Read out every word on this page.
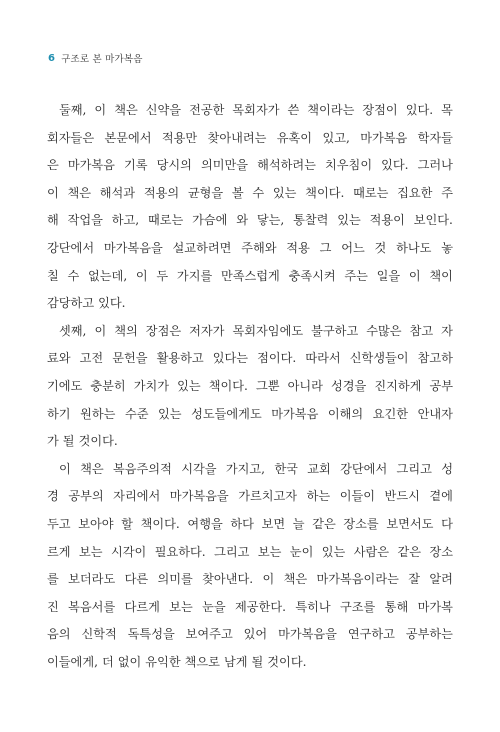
6 구조로 본 마가복음
둘째, 이 책은 신약을 전공한 목회자가 쓴 책이라는 장점이 있다. 목
회자들은 본문에서 적용만 찾아내려는 유혹이 있고, 마가복음 학자들
은 마가복음 기록 당시의 의미만을 해석하려는 치우침이 있다. 그러나
이 책은 해석과 적용의 균형을 볼 수 있는 책이다. 때로는 집요한 주
해 작업을 하고, 때로는 가슴에 와 닿는, 통찰력 있는 적용이 보인다.
강단에서 마가복음을 설교하려면 주해와 적용 그 어느 것 하나도 놓
칠 수 없는데, 이 두 가지를 만족스럽게 충족시켜 주는 일을 이 책이
감당하고 있다.
셋째, 이 책의 장점은 저자가 목회자임에도 불구하고 수많은 참고 자
료와 고전 문헌을 활용하고 있다는 점이다. 따라서 신학생들이 참고하
기에도 충분히 가치가 있는 책이다. 그뿐 아니라 성경을 진지하게 공부
하기 원하는 수준 있는 성도들에게도 마가복음 이해의 요긴한 안내자
가 될 것이다.
이 책은 복음주의적 시각을 가지고, 한국 교회 강단에서 그리고 성
경 공부의 자리에서 마가복음을 가르치고자 하는 이들이 반드시 곁에
두고 보아야 할 책이다. 여행을 하다 보면 늘 같은 장소를 보면서도 다
르게 보는 시각이 필요하다. 그리고 보는 눈이 있는 사람은 같은 장소
를 보더라도 다른 의미를 찾아낸다. 이 책은 마가복음이라는 잘 알려
진 복음서를 다르게 보는 눈을 제공한다. 특히나 구조를 통해 마가복
음의 신학적 독특성을 보여주고 있어 마가복음을 연구하고 공부하는
이들에게, 더 없이 유익한 책으로 남게 될 것이다.
